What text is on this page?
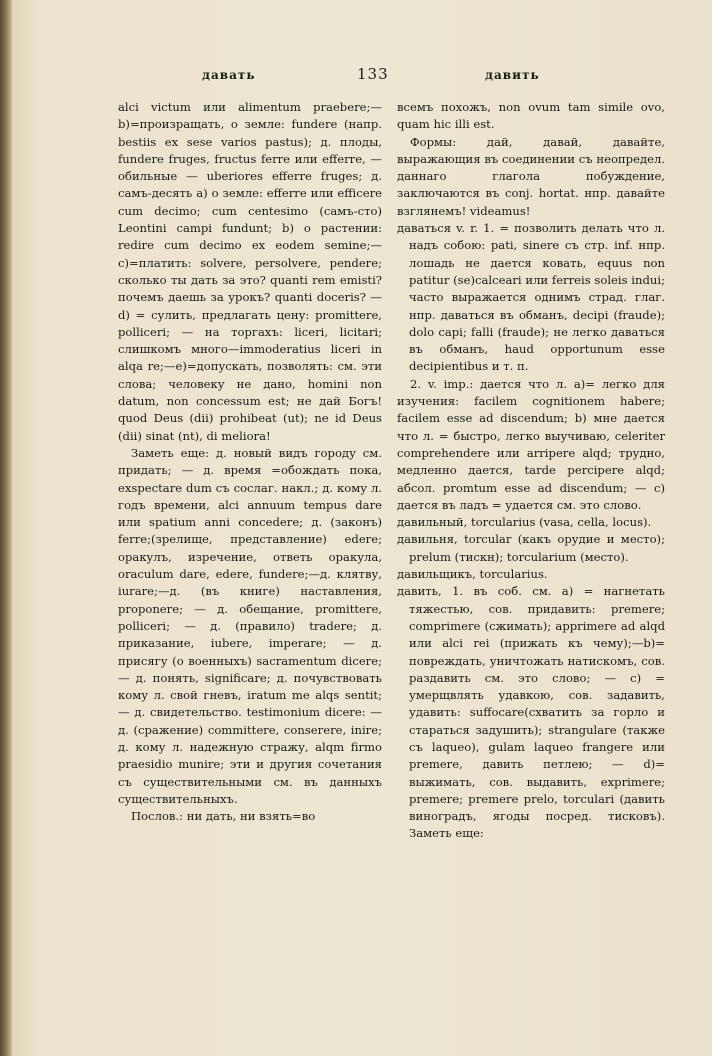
давать	133	давить

alci victum или alimentum praebere;—b)=произращать, о земле: fundere (напр. bestiis ex sese varios pastus); д. плоды, fundere fruges, fructus ferre или efferre, — обильные — uberiores efferre fruges; д. самъ-десять а) о земле: efferre или efficere cum decimo; cum centesimo (самъ-сто) Leontini campi fundunt; b) о растении: redire cum decimo ex eodem semine;—c)=платить: solvere, persolvere, pendere; сколько ты дать за это? quanti rem emisti? почемъ даешь за урокъ? quanti doceris? — d) = сулить, предлагать цену: promittere, polliceri; — на торгахъ: liceri, licitari; слишкомъ много—immoderatius liceri in alqa re;—e)=допускать, позволять: см. эти слова; человеку не дано, homini non datum, non concessum est; не дай Богъ! quod Deus (dii) prohibeat (ut); ne id Deus (dii) sinat (nt), di meliora!

Заметь еще: д. новый видъ городу см. придать; — д. время =обождать пока, exspectare dum съ сослаг. накл.; д. кому л. годъ времени, alci annuum tempus dare или spatium anni concedere; д. (законъ) ferre;(зрелище, представление) edere; оракулъ, изречение, ответь оракула, oraculum dare, edere, fundere;—д. клятву, iurare;—д. (въ книге) наставления, proponere; — д. обещание, promittere, polliceri; — д. (правило) tradere; д. приказание, iubere, imperare; — д. присягу (о военныхъ) sacramentum dicere; — д. понять, significare; д. почувствовать кому л. свой гневъ, iratum me alqs sentit; — д. свидетельство. testimonium dicere: — д. (сражение) committere, conserere, inire; д. кому л. надежную стражу, alqm firmo praesidio munire; эти и другия сочетания съ существительными см. въ данныхъ существительныхъ.

Послов.: ни дать, ни взять=во

всемъ похожъ, non ovum tam simile ovo, quam hic illi est.

Формы: дай, давай, давайте, выражающия въ соединении съ неопредел. даннаго глагола побуждение, заключаются въ conj. hortat. нпр. давайте взглянемъ! videamus!

даваться v. r. 1. = позволить делать что л. надъ собою: pati, sinere съ стр. inf. нпр. лошадь не дается ковать, equus non patitur (se)calceari или ferreis soleis indui; часто выражается однимъ страд. глаг. нпр. даваться въ обманъ, decipi (fraude); dolo capi; falli (fraude); не легко даваться въ обманъ, haud opportunum esse decipientibus и т. п.

2. v. imp.: дается что л. а)= легко для изучения: facilem cognitionem habere; facilem esse ad discendum; b) мне дается что л. = быстро, легко выучиваю, celeriter comprehendere или arripere alqd; трудно, медленно дается, tarde percipere alqd; абсол. promtum esse ad discendum; — c) дается въ ладъ = удается см. это слово.

давильный, torcularius (vasa, cella, locus).

давильня, torcular (какъ орудие и место); prelum (тискн); torcularium (место).

давильщикъ, torcularius.

давить, 1. въ соб. см. а) = нагнетать тяжестью, сов. придавить: premere; comprimere (сжимать); apprimere ad alqd или alci rei (прижать къ чему);—b)= повреждать, уничтожать натискомъ, сов. раздавить см. это слово; — c) = умерщвлять удавкою, сов. задавить, удавить: suffocare(схватить за горло и стараться задушить); strangulare (также съ laqueo), gulam laqueo frangere или premere, давить петлею; — d)= выжимать, сов. выдавить, exprimere; premere; premere prelo, torculari (давить виноградъ, ягоды посред. тисковъ). Заметь еще:
